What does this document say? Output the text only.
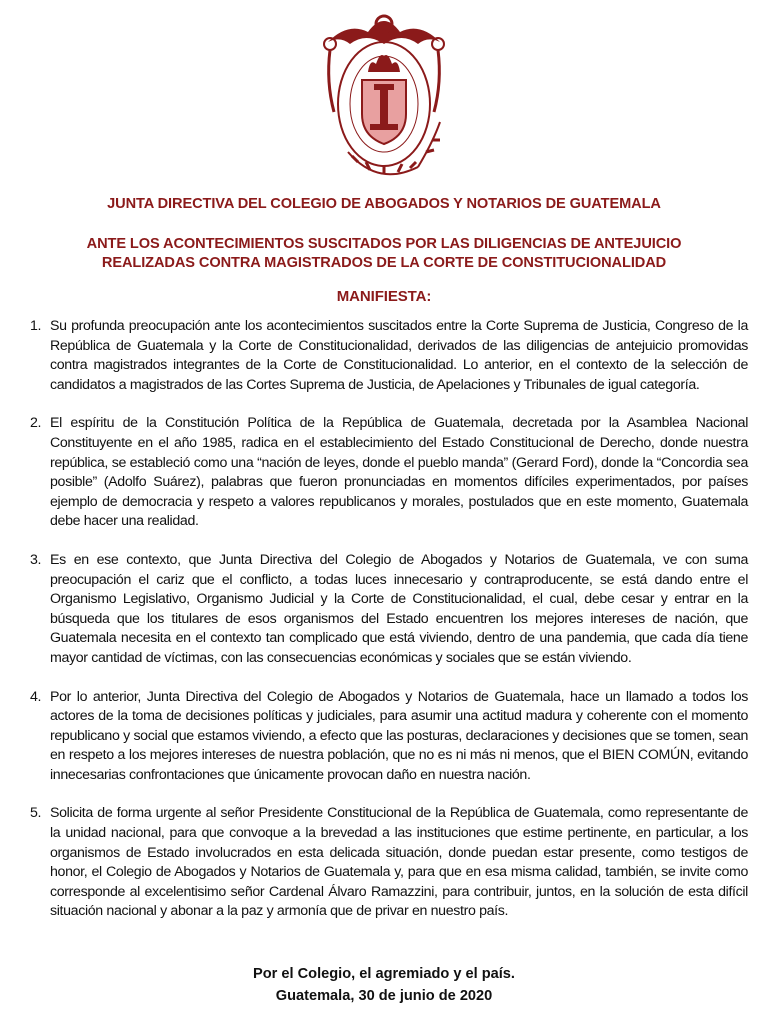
JUNTA DIRECTIVA DEL COLEGIO DE ABOGADOS Y NOTARIOS DE GUATEMALA
ANTE LOS ACONTECIMIENTOS SUSCITADOS POR LAS DILIGENCIAS DE ANTEJUICIO
REALIZADAS CONTRA MAGISTRADOS DE LA CORTE DE CONSTITUCIONALIDAD
MANIFIESTA:
1. Su profunda preocupación ante los acontecimientos suscitados entre la Corte Suprema de Justicia, Congreso de la República de Guatemala y la Corte de Constitucionalidad, derivados de las diligencias de antejuicio promovidas contra magistrados integrantes de la Corte de Constitucionalidad. Lo anterior, en el contexto de la selección de candidatos a magistrados de las Cortes Suprema de Justicia, de Apelaciones y Tribunales de igual categoría.
2. El espíritu de la Constitución Política de la República de Guatemala, decretada por la Asamblea Nacional Constituyente en el año 1985, radica en el establecimiento del Estado Constitucional de Derecho, donde nuestra república, se estableció como una “nación de leyes, donde el pueblo manda” (Gerard Ford), donde la “Concordia sea posible” (Adolfo Suárez), palabras que fueron pronunciadas en momentos difíciles experimentados, por países ejemplo de democracia y respeto a valores republicanos y morales, postulados que en este momento, Guatemala debe hacer una realidad.
3. Es en ese contexto, que Junta Directiva del Colegio de Abogados y Notarios de Guatemala, ve con suma preocupación el cariz que el conflicto, a todas luces innecesario y contraproducente, se está dando entre el Organismo Legislativo, Organismo Judicial y la Corte de Constitucionalidad, el cual, debe cesar y entrar en la búsqueda que los titulares de esos organismos del Estado encuentren los mejores intereses de nación, que Guatemala necesita en el contexto tan complicado que está viviendo, dentro de una pandemia, que cada día tiene mayor cantidad de víctimas, con las consecuencias económicas y sociales que se están viviendo.
4. Por lo anterior, Junta Directiva del Colegio de Abogados y Notarios de Guatemala, hace un llamado a todos los actores de la toma de decisiones políticas y judiciales, para asumir una actitud madura y coherente con el momento republicano y social que estamos viviendo, a efecto que las posturas, declaraciones y decisiones que se tomen, sean en respeto a los mejores intereses de nuestra población, que no es ni más ni menos, que el BIEN COMÚN, evitando innecesarias confrontaciones que únicamente provocan daño en nuestra nación.
5. Solicita de forma urgente al señor Presidente Constitucional de la República de Guatemala, como representante de la unidad nacional, para que convoque a la brevedad a las instituciones que estime pertinente, en particular, a los organismos de Estado involucrados en esta delicada situación, donde puedan estar presente, como testigos de honor, el Colegio de Abogados y Notarios de Guatemala y, para que en esa misma calidad, también, se invite como corresponde al excelentisimo señor Cardenal Álvaro Ramazzini, para contribuir, juntos, en la solución de esta difícil situación nacional y abonar a la paz y armonía que de privar en nuestro país.
Por el Colegio, el agremiado y el país.
Guatemala, 30 de junio de 2020
